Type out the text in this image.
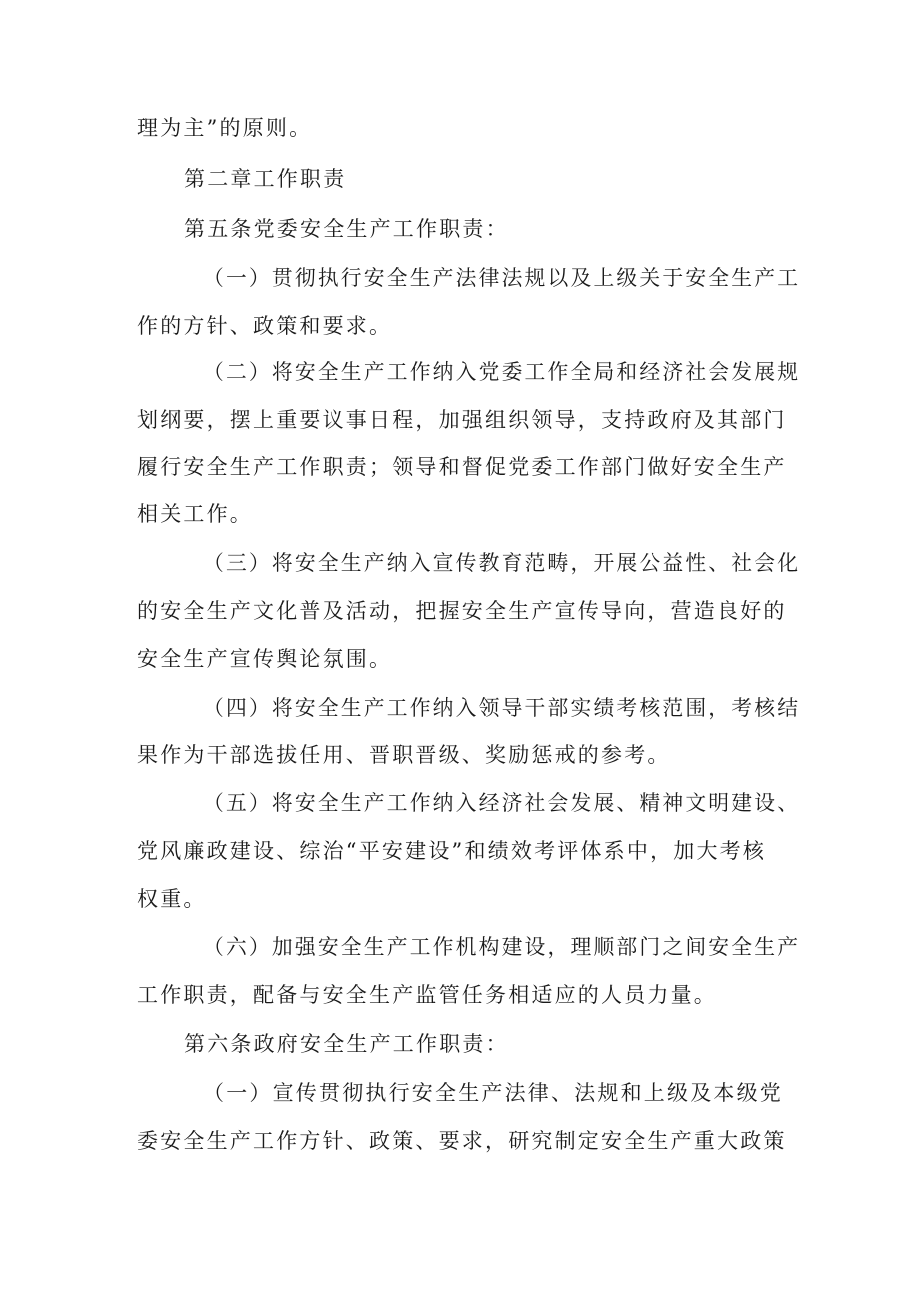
理为主”的原则。
第二章工作职责
第五条党委安全生产工作职责：
（一）贯彻执行安全生产法律法规以及上级关于安全生产工
作的方针、政策和要求。
（二）将安全生产工作纳入党委工作全局和经济社会发展规
划纲要，摆上重要议事日程，加强组织领导，支持政府及其部门
履行安全生产工作职责；领导和督促党委工作部门做好安全生产
相关工作。
（三）将安全生产纳入宣传教育范畴，开展公益性、社会化
的安全生产文化普及活动，把握安全生产宣传导向，营造良好的
安全生产宣传舆论氛围。
（四）将安全生产工作纳入领导干部实绩考核范围，考核结
果作为干部选拔任用、晋职晋级、奖励惩戒的参考。
（五）将安全生产工作纳入经济社会发展、精神文明建设、
党风廉政建设、综治“平安建设”和绩效考评体系中，加大考核
权重。
（六）加强安全生产工作机构建设，理顺部门之间安全生产
工作职责，配备与安全生产监管任务相适应的人员力量。
第六条政府安全生产工作职责：
（一）宣传贯彻执行安全生产法律、法规和上级及本级党
委安全生产工作方针、政策、要求，研究制定安全生产重大政策
